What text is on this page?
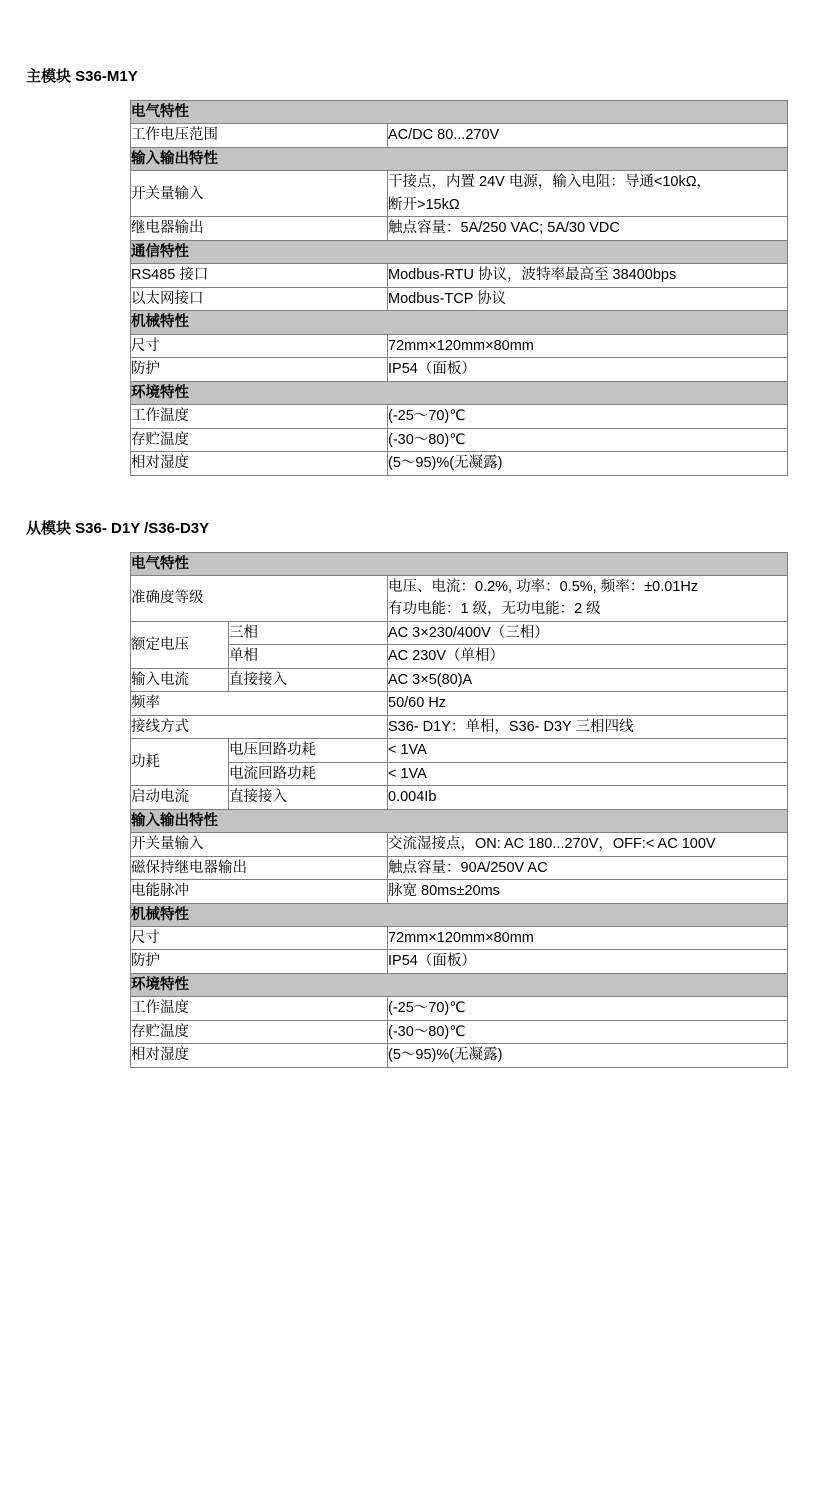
主模块 S36-M1Y

电气特性	
工作电压范围	AC/DC 80...270V

输入输出特性	
开关量输入	干接点，内置 24V 电源，输入电阻：导通<10kΩ，
断开>15kΩ

继电器输出	触点容量：5A/250 VAC; 5A/30 VDC

通信特性	
RS485 接口	Modbus-RTU 协议，波特率最高至 38400bps

以太网接口	Modbus-TCP 协议

机械特性	
尺寸	72mm×120mm×80mm

防护	IP54（面板）

环境特性	
工作温度	(-25～70)℃

存贮温度	(-30～80)℃

相对湿度	(5～95)%(无凝露)

从模块 S36- D1Y /S36-D3Y

电气特性		
准确度等级		电压、电流：0.2%, 功率：0.5%, 频率：±0.01Hz
有功电能：1 级，无功电能：2 级

额定电压	三相	AC 3×230/400V（三相）

	单相	AC 230V（单相）

输入电流	直接接入	AC 3×5(80)A

频率		50/60 Hz

接线方式		S36- D1Y：单相，S36- D3Y 三相四线

功耗	电压回路功耗	< 1VA

	电流回路功耗	< 1VA

启动电流	直接接入	0.004Ib

输入输出特性		
开关量输入		交流湿接点，ON: AC 180...270V，OFF:< AC 100V

磁保持继电器输出		触点容量：90A/250V AC

电能脉冲		脉宽 80ms±20ms

机械特性		
尺寸		72mm×120mm×80mm

防护		IP54（面板）

环境特性		
工作温度		(-25～70)℃

存贮温度		(-30～80)℃

相对湿度		(5～95)%(无凝露)
